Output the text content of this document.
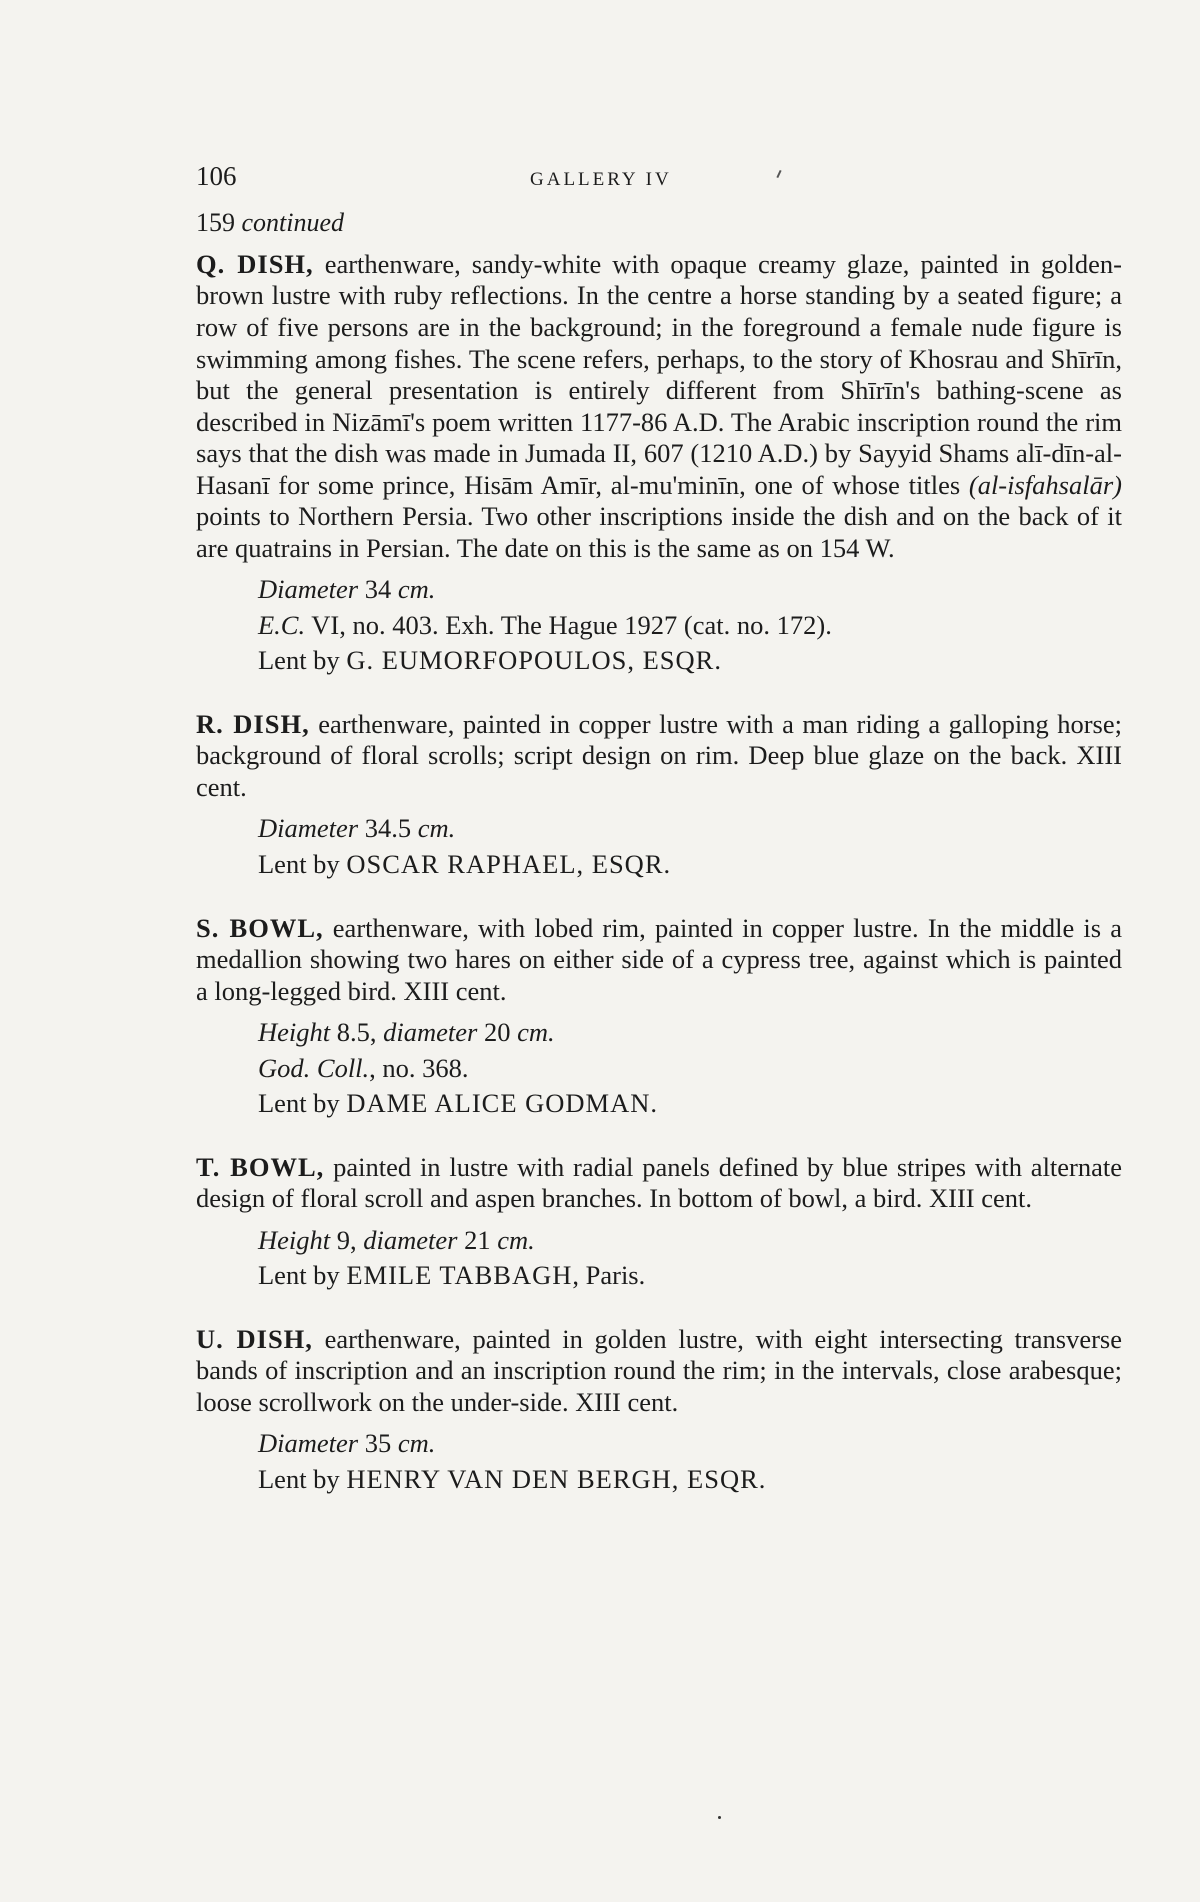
106	GALLERY IV
159 continued

Q. DISH, earthenware, sandy-white with opaque creamy glaze, painted in golden-brown lustre with ruby reflections. In the centre a horse standing by a seated figure; a row of five persons are in the background; in the foreground a female nude figure is swimming among fishes. The scene refers, perhaps, to the story of Khosrau and Shīrīn, but the general presentation is entirely different from Shīrīn's bathing-scene as described in Nizāmī's poem written 1177-86 A.D. The Arabic inscription round the rim says that the dish was made in Jumada II, 607 (1210 A.D.) by Sayyid Shams alī-dīn-al-Hasanī for some prince, Hisām Amīr, al-mu'minīn, one of whose titles (al-isfahsalār) points to Northern Persia. Two other inscriptions inside the dish and on the back of it are quatrains in Persian. The date on this is the same as on 154 W.

Diameter 34 cm.
E.C. VI, no. 403. Exh. The Hague 1927 (cat. no. 172).
Lent by G. EUMORFOPOULOS, ESQR.

R. DISH, earthenware, painted in copper lustre with a man riding a galloping horse; background of floral scrolls; script design on rim. Deep blue glaze on the back. XIII cent.

Diameter 34.5 cm.
Lent by OSCAR RAPHAEL, ESQR.

S. BOWL, earthenware, with lobed rim, painted in copper lustre. In the middle is a medallion showing two hares on either side of a cypress tree, against which is painted a long-legged bird. XIII cent.

Height 8.5, diameter 20 cm.
God. Coll., no. 368.
Lent by DAME ALICE GODMAN.

T. BOWL, painted in lustre with radial panels defined by blue stripes with alternate design of floral scroll and aspen branches. In bottom of bowl, a bird. XIII cent.

Height 9, diameter 21 cm.
Lent by EMILE TABBAGH, Paris.

U. DISH, earthenware, painted in golden lustre, with eight intersecting transverse bands of inscription and an inscription round the rim; in the intervals, close arabesque; loose scrollwork on the under-side. XIII cent.

Diameter 35 cm.
Lent by HENRY VAN DEN BERGH, ESQR.
